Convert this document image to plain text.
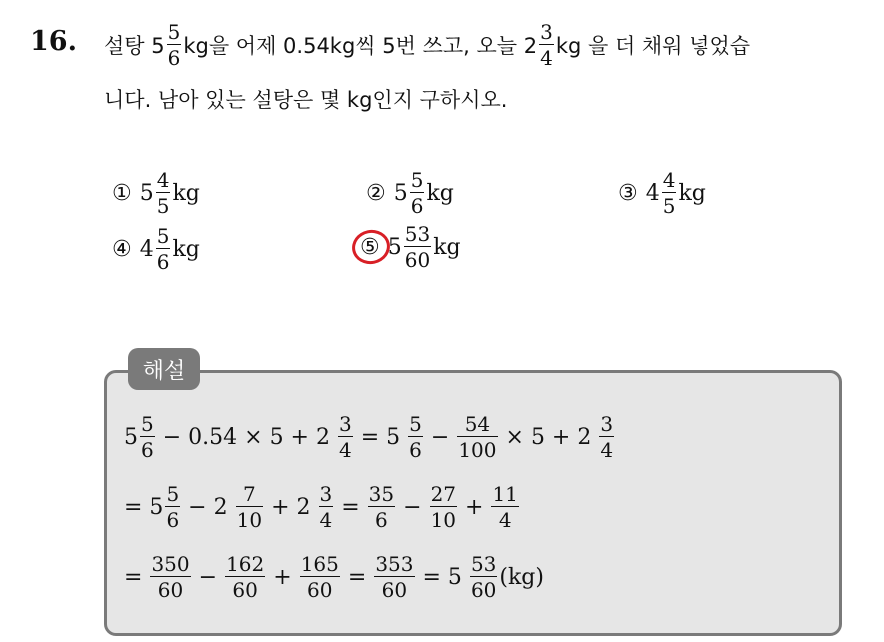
16. 설탕 $5 \frac{5}{6}$ kg을 어제 0.54kg씩 5번 쓰고, 오늘 $2 \frac{3}{4}$ kg 을 더 채워 넣었습
니다. 남아 있는 설탕은 몇 kg인지 구하시오.
① $5 \frac{4}{5}$ kg	② $5 \frac{5}{6}$ kg	③ $4 \frac{4}{5}$ kg
④ $4 \frac{5}{6}$ kg	⑤ $5 \frac{53}{60}$ kg
해설
$5 \frac{5}{6} - 0.54 \times 5 + 2 \frac{3}{4} = 5 \frac{5}{6} - \frac{54}{100} \times 5 + 2 \frac{3}{4}$
= $5 \frac{5}{6} - 2 \frac{7}{10} + 2 \frac{3}{4} = \frac{35}{6} - \frac{27}{10} + \frac{11}{4}$
= $\frac{350}{60} - \frac{162}{60} + \frac{165}{60} = \frac{353}{60} = 5 \frac{53}{60} (kg)$
